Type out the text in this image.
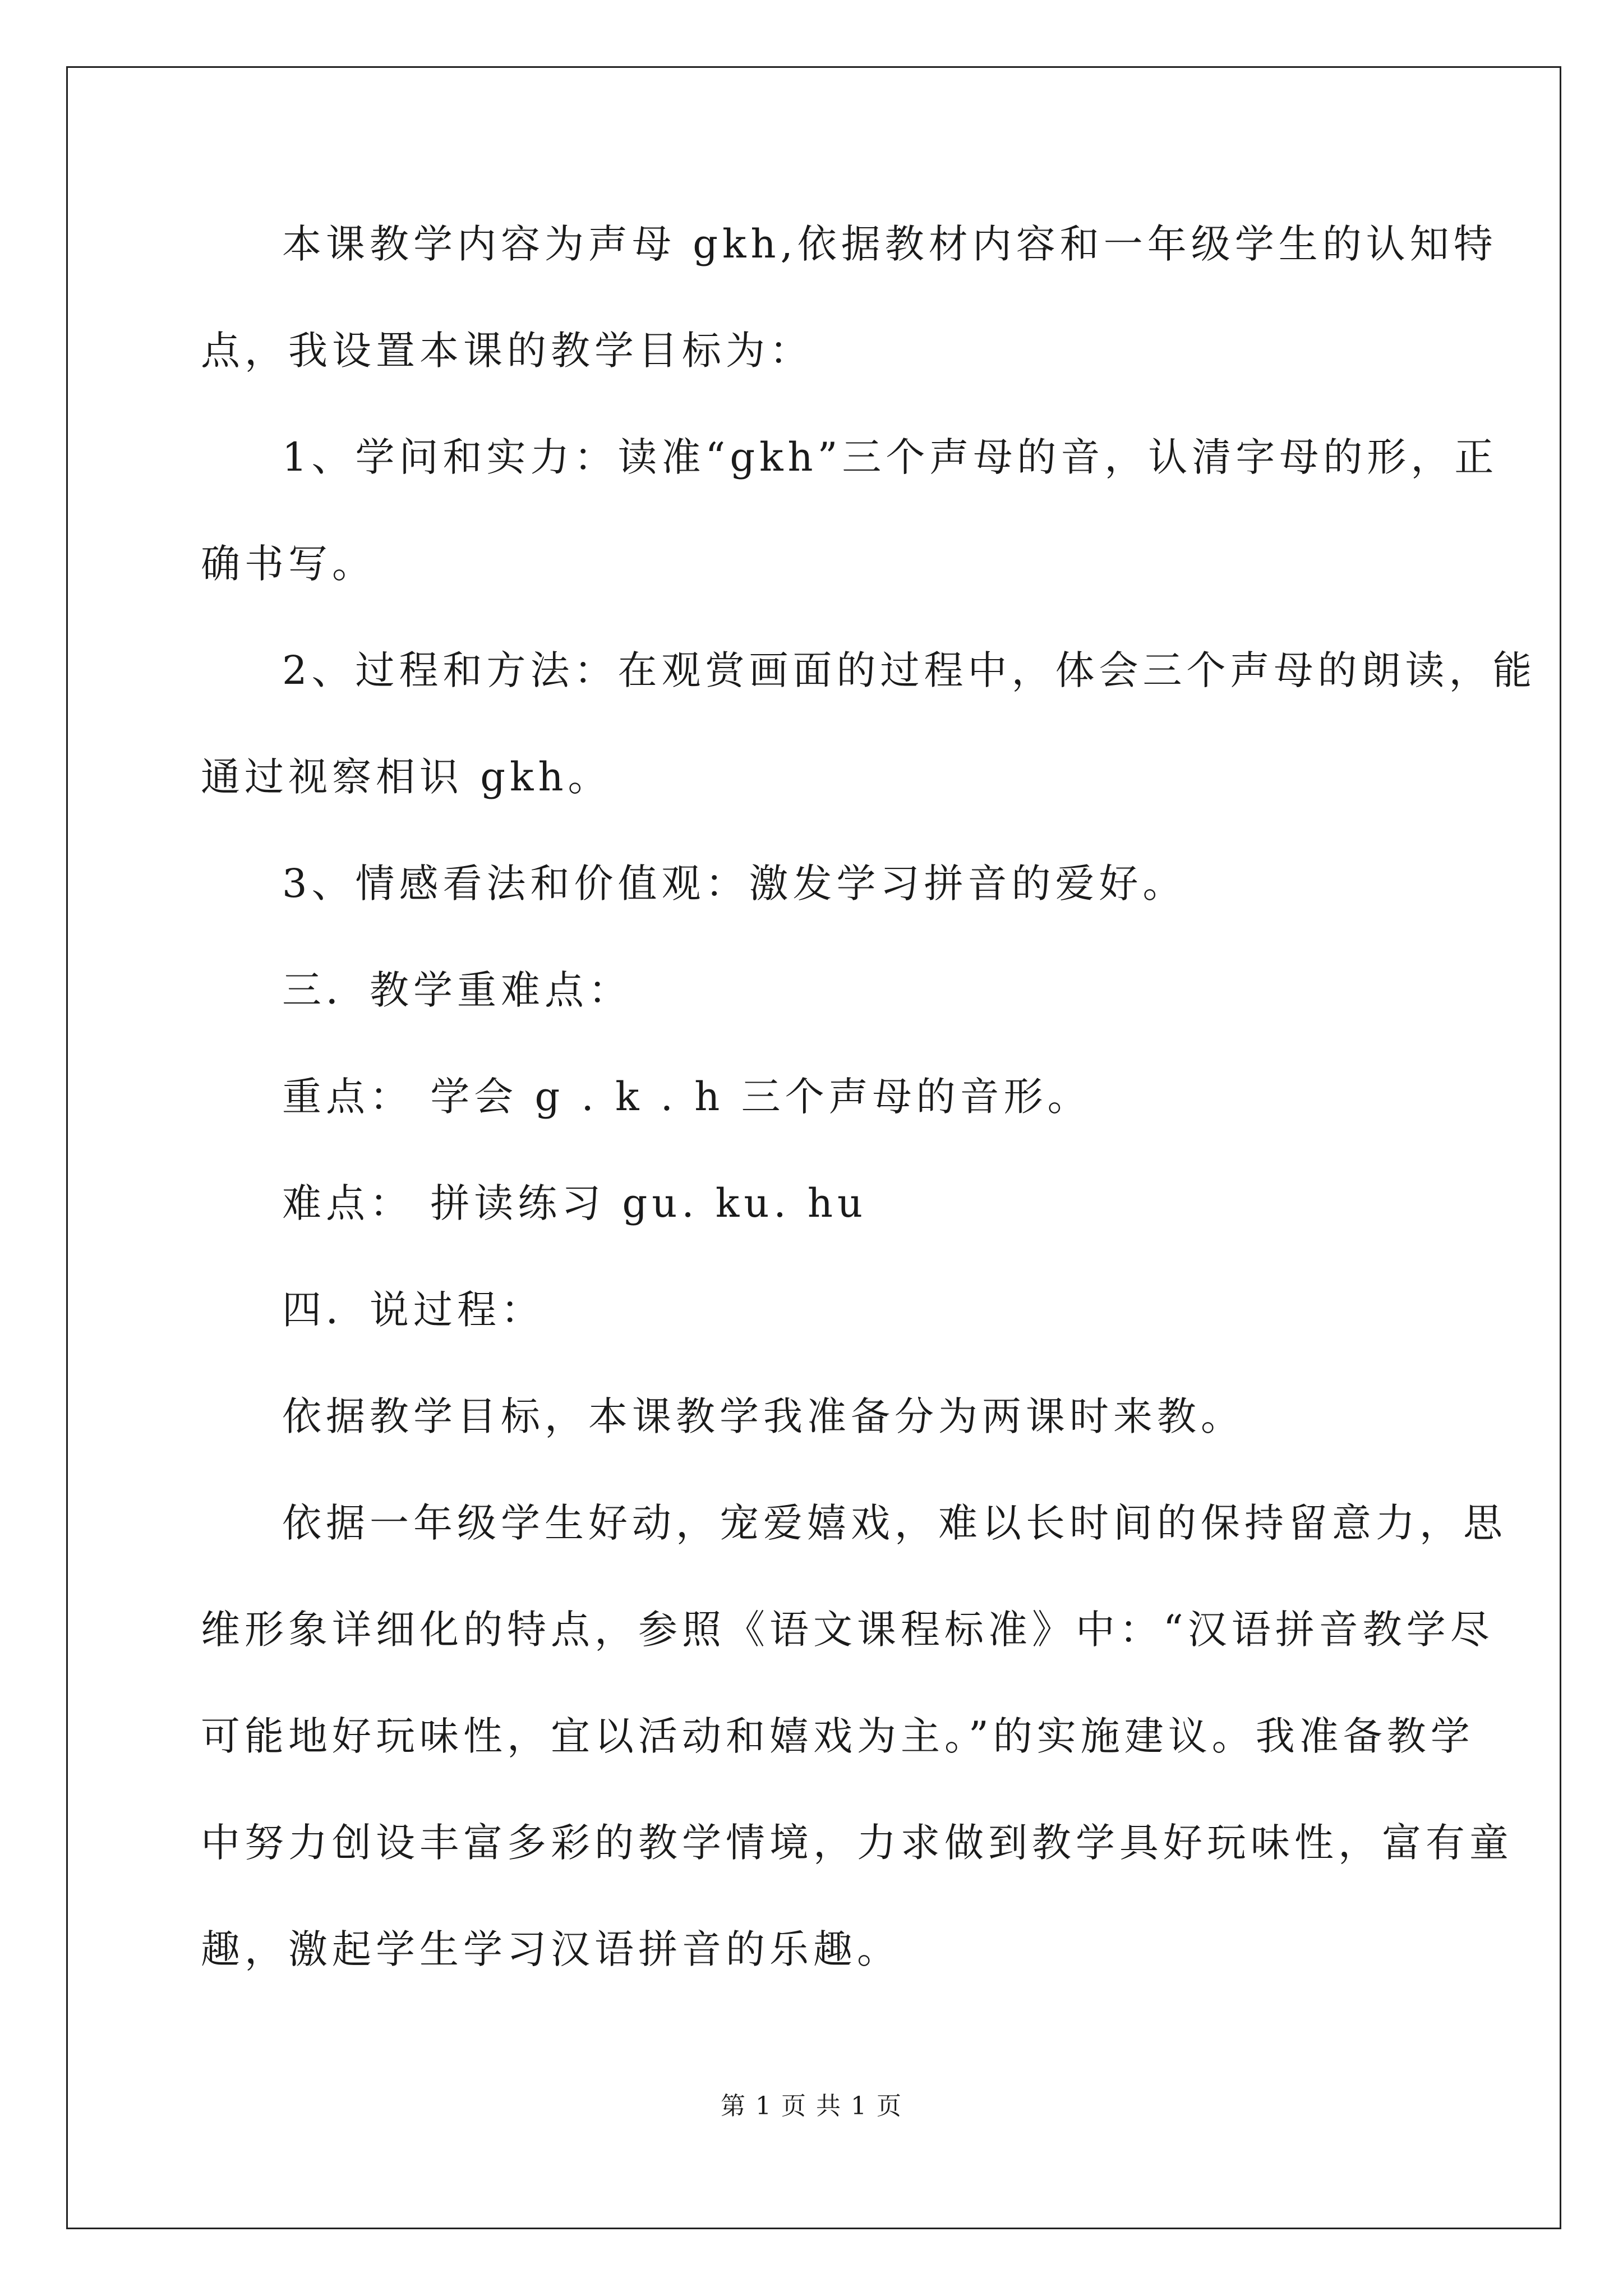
本课教学内容为声母 gkh,依据教材内容和一年级学生的认知特
点，我设置本课的教学目标为：
1、学问和实力：读准“gkh”三个声母的音，认清字母的形，正
确书写。
2、过程和方法：在观赏画面的过程中，体会三个声母的朗读，能
通过视察相识 gkh。
3、情感看法和价值观：激发学习拼音的爱好。
三．教学重难点：
重点： 学会 g . k . h 三个声母的音形。
难点： 拼读练习 gu. ku. hu
四．说过程：
依据教学目标，本课教学我准备分为两课时来教。
依据一年级学生好动，宠爱嬉戏，难以长时间的保持留意力，思
维形象详细化的特点，参照《语文课程标准》中：“汉语拼音教学尽
可能地好玩味性，宜以活动和嬉戏为主。”的实施建议。我准备教学
中努力创设丰富多彩的教学情境，力求做到教学具好玩味性，富有童
趣，激起学生学习汉语拼音的乐趣。
第 1 页 共 1 页
